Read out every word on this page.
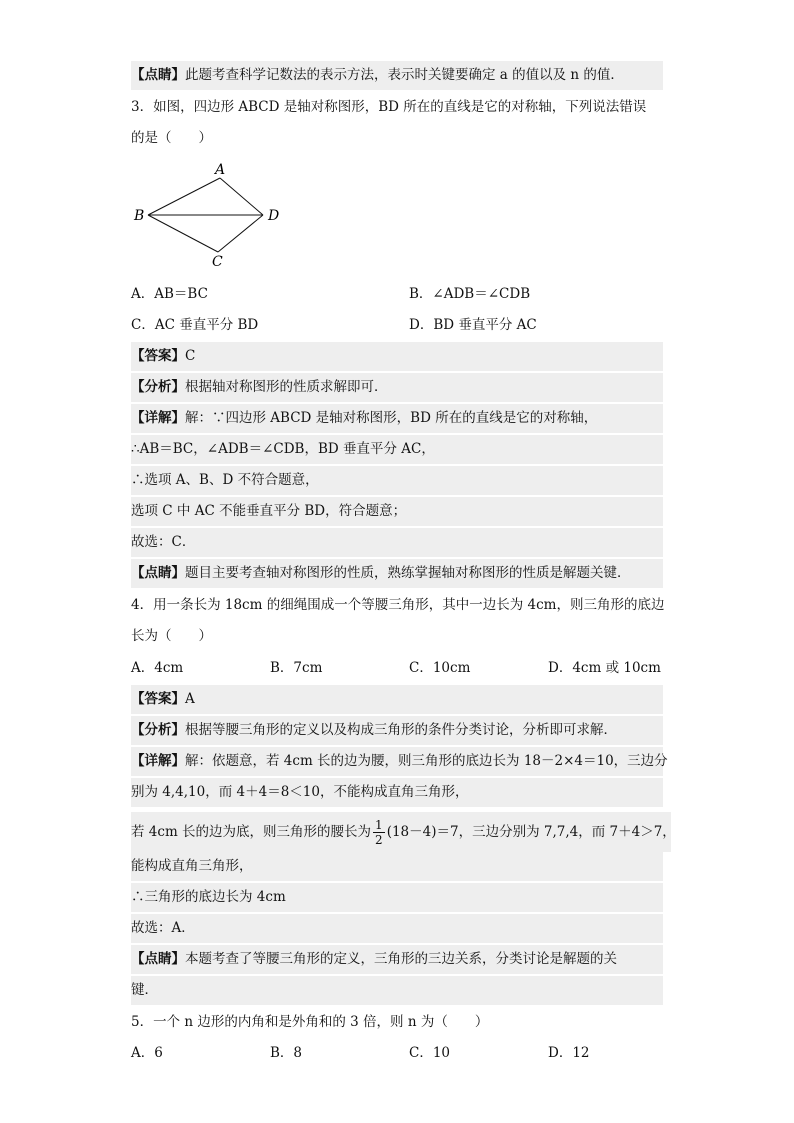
【点睛】此题考查科学记数法的表示方法，表示时关键要确定 a 的值以及 n 的值．
3．如图，四边形 ABCD 是轴对称图形，BD 所在的直线是它的对称轴，下列说法错误
的是（　　）
A
B
C
D
A．AB＝BC	B．∠ADB＝∠CDB
C．AC 垂直平分 BD	D．BD 垂直平分 AC
【答案】C
【分析】根据轴对称图形的性质求解即可．
【详解】解：∵四边形 ABCD 是轴对称图形，BD 所在的直线是它的对称轴，
∴AB＝BC，∠ADB＝∠CDB，BD 垂直平分 AC，
∴选项 A、B、D 不符合题意，
选项 C 中 AC 不能垂直平分 BD，符合题意；
故选：C．
【点睛】题目主要考查轴对称图形的性质，熟练掌握轴对称图形的性质是解题关键．
4．用一条长为 18cm 的细绳围成一个等腰三角形，其中一边长为 4cm，则三角形的底边
长为（　　）
A．4cm	B．7cm	C．10cm	D．4cm 或 10cm
【答案】A
【分析】根据等腰三角形的定义以及构成三角形的条件分类讨论，分析即可求解．
【详解】解：依题意，若 4cm 长的边为腰，则三角形的底边长为 18－2×4＝10，三边分
别为 4,4,10，而 4＋4＝8＜10，不能构成直角三角形，
若 4cm 长的边为底，则三角形的腰长为 $\frac{1}{2} (18-4)=7$，三边分别为 7,7,4，而 7＋4＞7，
能构成直角三角形，
∴三角形的底边长为 4cm
故选：A．
【点睛】本题考查了等腰三角形的定义，三角形的三边关系，分类讨论是解题的关
键．
5．一个 n 边形的内角和是外角和的 3 倍，则 n 为（　　）
A．6	B．8	C．10	D．12
